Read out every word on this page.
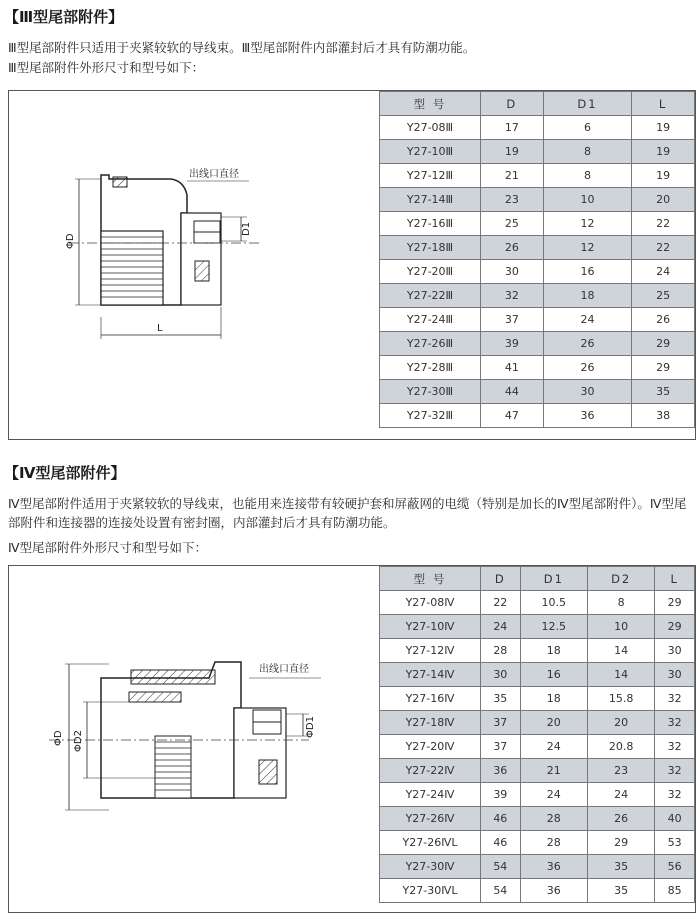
【Ⅲ型尾部附件】
Ⅲ型尾部附件只适用于夹紧较软的导线束。Ⅲ型尾部附件内部灌封后才具有防潮功能。
Ⅲ型尾部附件外形尺寸和型号如下：
ΦD
L
D1
出线口直径
型 号	D	D1	L
Y27-08Ⅲ	17	6	19
Y27-10Ⅲ	19	8	19
Y27-12Ⅲ	21	8	19
Y27-14Ⅲ	23	10	20
Y27-16Ⅲ	25	12	22
Y27-18Ⅲ	26	12	22
Y27-20Ⅲ	30	16	24
Y27-22Ⅲ	32	18	25
Y27-24Ⅲ	37	24	26
Y27-26Ⅲ	39	26	29
Y27-28Ⅲ	41	26	29
Y27-30Ⅲ	44	30	35
Y27-32Ⅲ	47	36	38
【Ⅳ型尾部附件】
Ⅳ型尾部附件适用于夹紧较软的导线束，也能用来连接带有较硬护套和屏蔽网的电缆（特别是加长的Ⅳ型尾部附件）。Ⅳ型尾部附件和连接器的连接处设置有密封圈，内部灌封后才具有防潮功能。
Ⅳ型尾部附件外形尺寸和型号如下：
ΦD ΦD2
ΦD1
出线口直径
型 号	D	D1	D2	L
Y27-08Ⅳ	22	10.5	8	29
Y27-10Ⅳ	24	12.5	10	29
Y27-12Ⅳ	28	18	14	30
Y27-14Ⅳ	30	16	14	30
Y27-16Ⅳ	35	18	15.8	32
Y27-18Ⅳ	37	20	20	32
Y27-20Ⅳ	37	24	20.8	32
Y27-22Ⅳ	36	21	23	32
Y27-24Ⅳ	39	24	24	32
Y27-26Ⅳ	46	28	26	40
Y27-26ⅣL	46	28	29	53
Y27-30Ⅳ	54	36	35	56
Y27-30ⅣL	54	36	35	85
